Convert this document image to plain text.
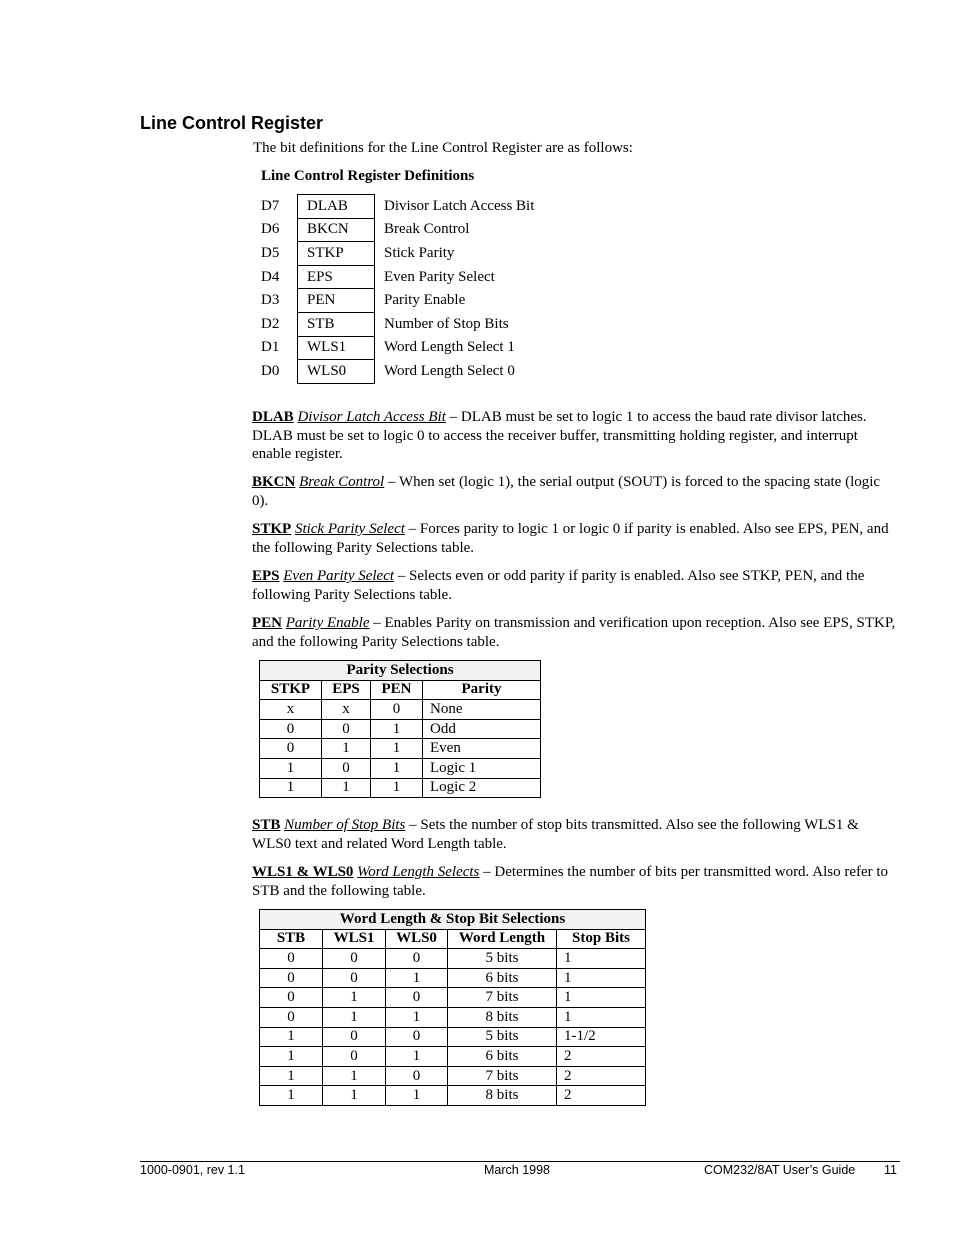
Line Control Register
The bit definitions for the Line Control Register are as follows:
Line Control Register Definitions
D7	DLAB	Divisor Latch Access Bit
D6	BKCN	Break Control
D5	STKP	Stick Parity
D4	EPS	Even Parity Select
D3	PEN	Parity Enable
D2	STB	Number of Stop Bits
D1	WLS1	Word Length Select 1
D0	WLS0	Word Length Select 0

DLAB Divisor Latch Access Bit – DLAB must be set to logic 1 to access the baud rate divisor latches. DLAB must be set to logic 0 to access the receiver buffer, transmitting holding register, and interrupt enable register.

BKCN Break Control – When set (logic 1), the serial output (SOUT) is forced to the spacing state (logic 0).

STKP Stick Parity Select – Forces parity to logic 1 or logic 0 if parity is enabled. Also see EPS, PEN, and the following Parity Selections table.

EPS Even Parity Select – Selects even or odd parity if parity is enabled. Also see STKP, PEN, and the following Parity Selections table.

PEN Parity Enable – Enables Parity on transmission and verification upon reception. Also see EPS, STKP, and the following Parity Selections table.

Parity Selections			
STKP	EPS	PEN	Parity
x	x	0	None
0	0	1	Odd
0	1	1	Even
1	0	1	Logic 1
1	1	1	Logic 2

STB Number of Stop Bits – Sets the number of stop bits transmitted. Also see the following WLS1 & WLS0 text and related Word Length table.

WLS1 & WLS0 Word Length Selects – Determines the number of bits per transmitted word. Also refer to STB and the following table.

Word Length & Stop Bit Selections				
STB	WLS1	WLS0	Word Length	Stop Bits
0	0	0	5 bits	1
0	0	1	6 bits	1
0	1	0	7 bits	1
0	1	1	8 bits	1
1	0	0	5 bits	1-1/2
1	0	1	6 bits	2
1	1	0	7 bits	2
1	1	1	8 bits	2
1000-0901, rev 1.1	March 1998	COM232/8AT User’s Guide 11
